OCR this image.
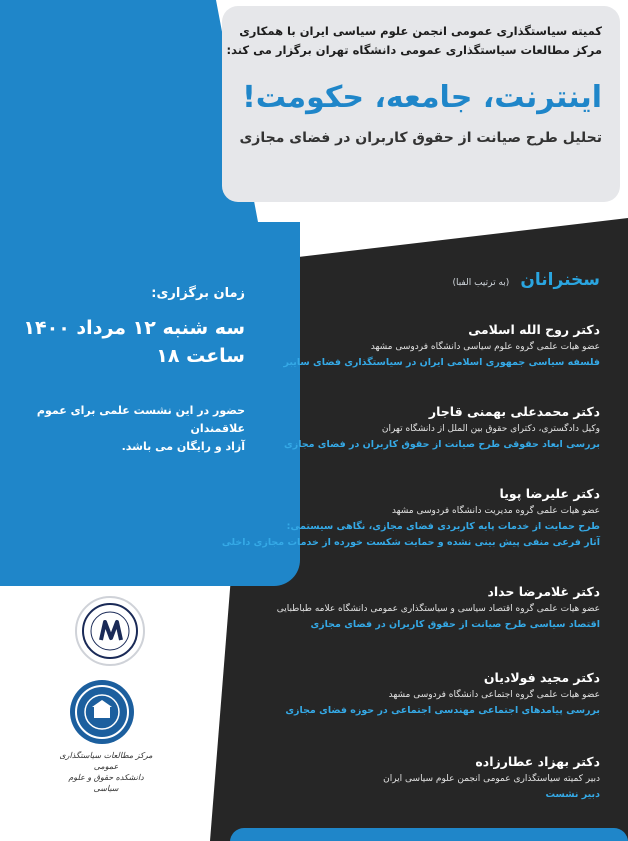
کمیته سیاستگذاری عمومی انجمن علوم سیاسی ایران با همکاری
مرکز مطالعات سیاستگذاری عمومی دانشگاه تهران برگزار می کند:
اینترنت، جامعه، حکومت!
تحلیل طرح صیانت از حقوق کاربران در فضای مجازی
زمان برگزاری:
سه شنبه ۱۲ مرداد ۱۴۰۰
ساعت ۱۸
حضور در این نشست علمی برای عموم علاقمندان
آزاد و رایگان می باشد.
مرکز مطالعات سیاستگذاری عمومی
دانشکده حقوق و علوم سیاسی
سخنرانان (به ترتیب الفبا)
دکتر روح الله اسلامی
عضو هیات علمی گروه علوم سیاسی دانشگاه فردوسی مشهد
فلسفه سیاسی جمهوری اسلامی ایران در سیاستگذاری فضای سایبر
دکتر محمدعلی بهمنی قاجار
وکیل دادگستری، دکترای حقوق بین الملل از دانشگاه تهران
بررسی ابعاد حقوقی طرح صیانت از حقوق کاربران در فضای مجازی
دکتر علیرضا پویا
عضو هیات علمی گروه مدیریت دانشگاه فردوسی مشهد
طرح حمایت از خدمات پایه کاربردی فضای مجازی، نگاهی سیستمی:
آثار فرعی منفی پیش بینی نشده و حمایت شکست خورده از خدمات مجازی داخلی
دکتر غلامرضا حداد
عضو هیات علمی گروه اقتصاد سیاسی و سیاستگذاری عمومی دانشگاه علامه طباطبایی
اقتصاد سیاسی طرح صیانت از حقوق کاربران در فضای مجازی
دکتر مجید فولادیان
عضو هیات علمی گروه اجتماعی دانشگاه فردوسی مشهد
بررسی پیامدهای اجتماعی مهندسی اجتماعی در حوزه فضای مجازی
دکتر بهزاد عطارزاده
دبیر کمیته سیاستگذاری عمومی انجمن علوم سیاسی ایران
دبیر نشست
